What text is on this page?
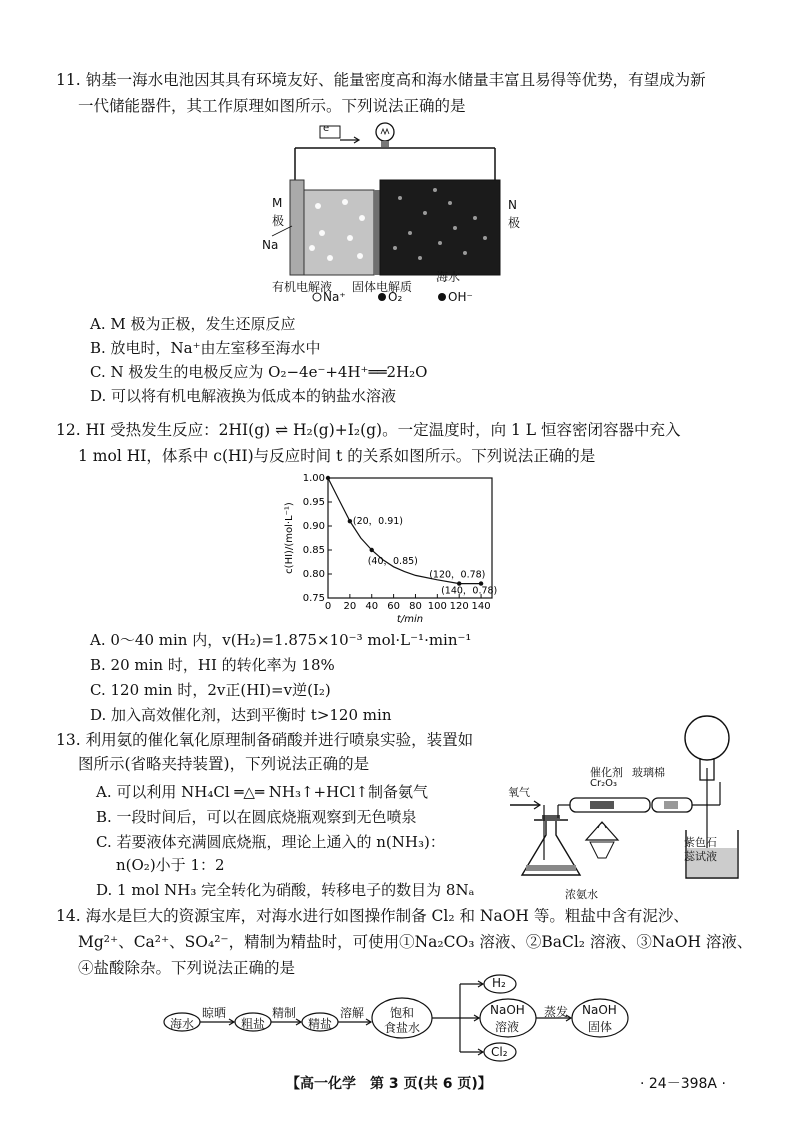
11. 钠基一海水电池因其具有环境友好、能量密度高和海水储量丰富且易得等优势，有望成为新
一代储能器件，其工作原理如图所示。下列说法正确的是
e⁻
M
极
N
极
Na
有机电解液 固体电解质
海水
Na⁺	O₂	OH⁻
A. M 极为正极，发生还原反应
B. 放电时，Na⁺由左室移至海水中
C. N 极发生的电极反应为 O₂−4e⁻+4H⁺══2H₂O
D. 可以将有机电解液换为低成本的钠盐水溶液
12. HI 受热发生反应：2HI(g) ⇌ H₂(g)+I₂(g)。一定温度时，向 1 L 恒容密闭容器中充入
1 mol HI，体系中 c(HI)与反应时间 t 的关系如图所示。下列说法正确的是
0 20 40 60 80 100 120 140
0.75
0.80
0.85
0.90
0.95
1.00
t/min
c(HI)/(mol·L⁻¹)	(20，0.91)
(40，0.85)
(120，0.78)
(140，0.78)
A. 0～40 min 内，v(H₂)=1.875×10⁻³ mol·L⁻¹·min⁻¹
B. 20 min 时，HI 的转化率为 18%
C. 120 min 时，2v正(HI)=v逆(I₂)
D. 加入高效催化剂，达到平衡时 t>120 min
13. 利用氨的催化氧化原理制备硝酸并进行喷泉实验，装置如
图所示(省略夹持装置)，下列说法正确的是
A. 可以利用 NH₄Cl ═△═ NH₃↑+HCl↑制备氨气
B. 一段时间后，可以在圆底烧瓶观察到无色喷泉
C. 若要液体充满圆底烧瓶，理论上通入的 n(NH₃)：
n(O₂)小于 1：2
D. 1 mol NH₃ 完全转化为硝酸，转移电子的数目为 8Nₐ
氧气
催化剂
Cr₂O₃
玻璃棉
紫色石
蕊试液
浓氨水
14. 海水是巨大的资源宝库，对海水进行如图操作制备 Cl₂ 和 NaOH 等。粗盐中含有泥沙、
Mg²⁺、Ca²⁺、SO₄²⁻，精制为精盐时，可使用①Na₂CO₃ 溶液、②BaCl₂ 溶液、③NaOH 溶液、
④盐酸除杂。下列说法正确的是
海水
晾晒
粗盐
精制
精盐
溶解 饱和
食盐水
H₂
NaOH
溶液
蒸发 NaOH
固体
Cl₂
【高一化学　第 3 页(共 6 页)】	· 24－398A ·
